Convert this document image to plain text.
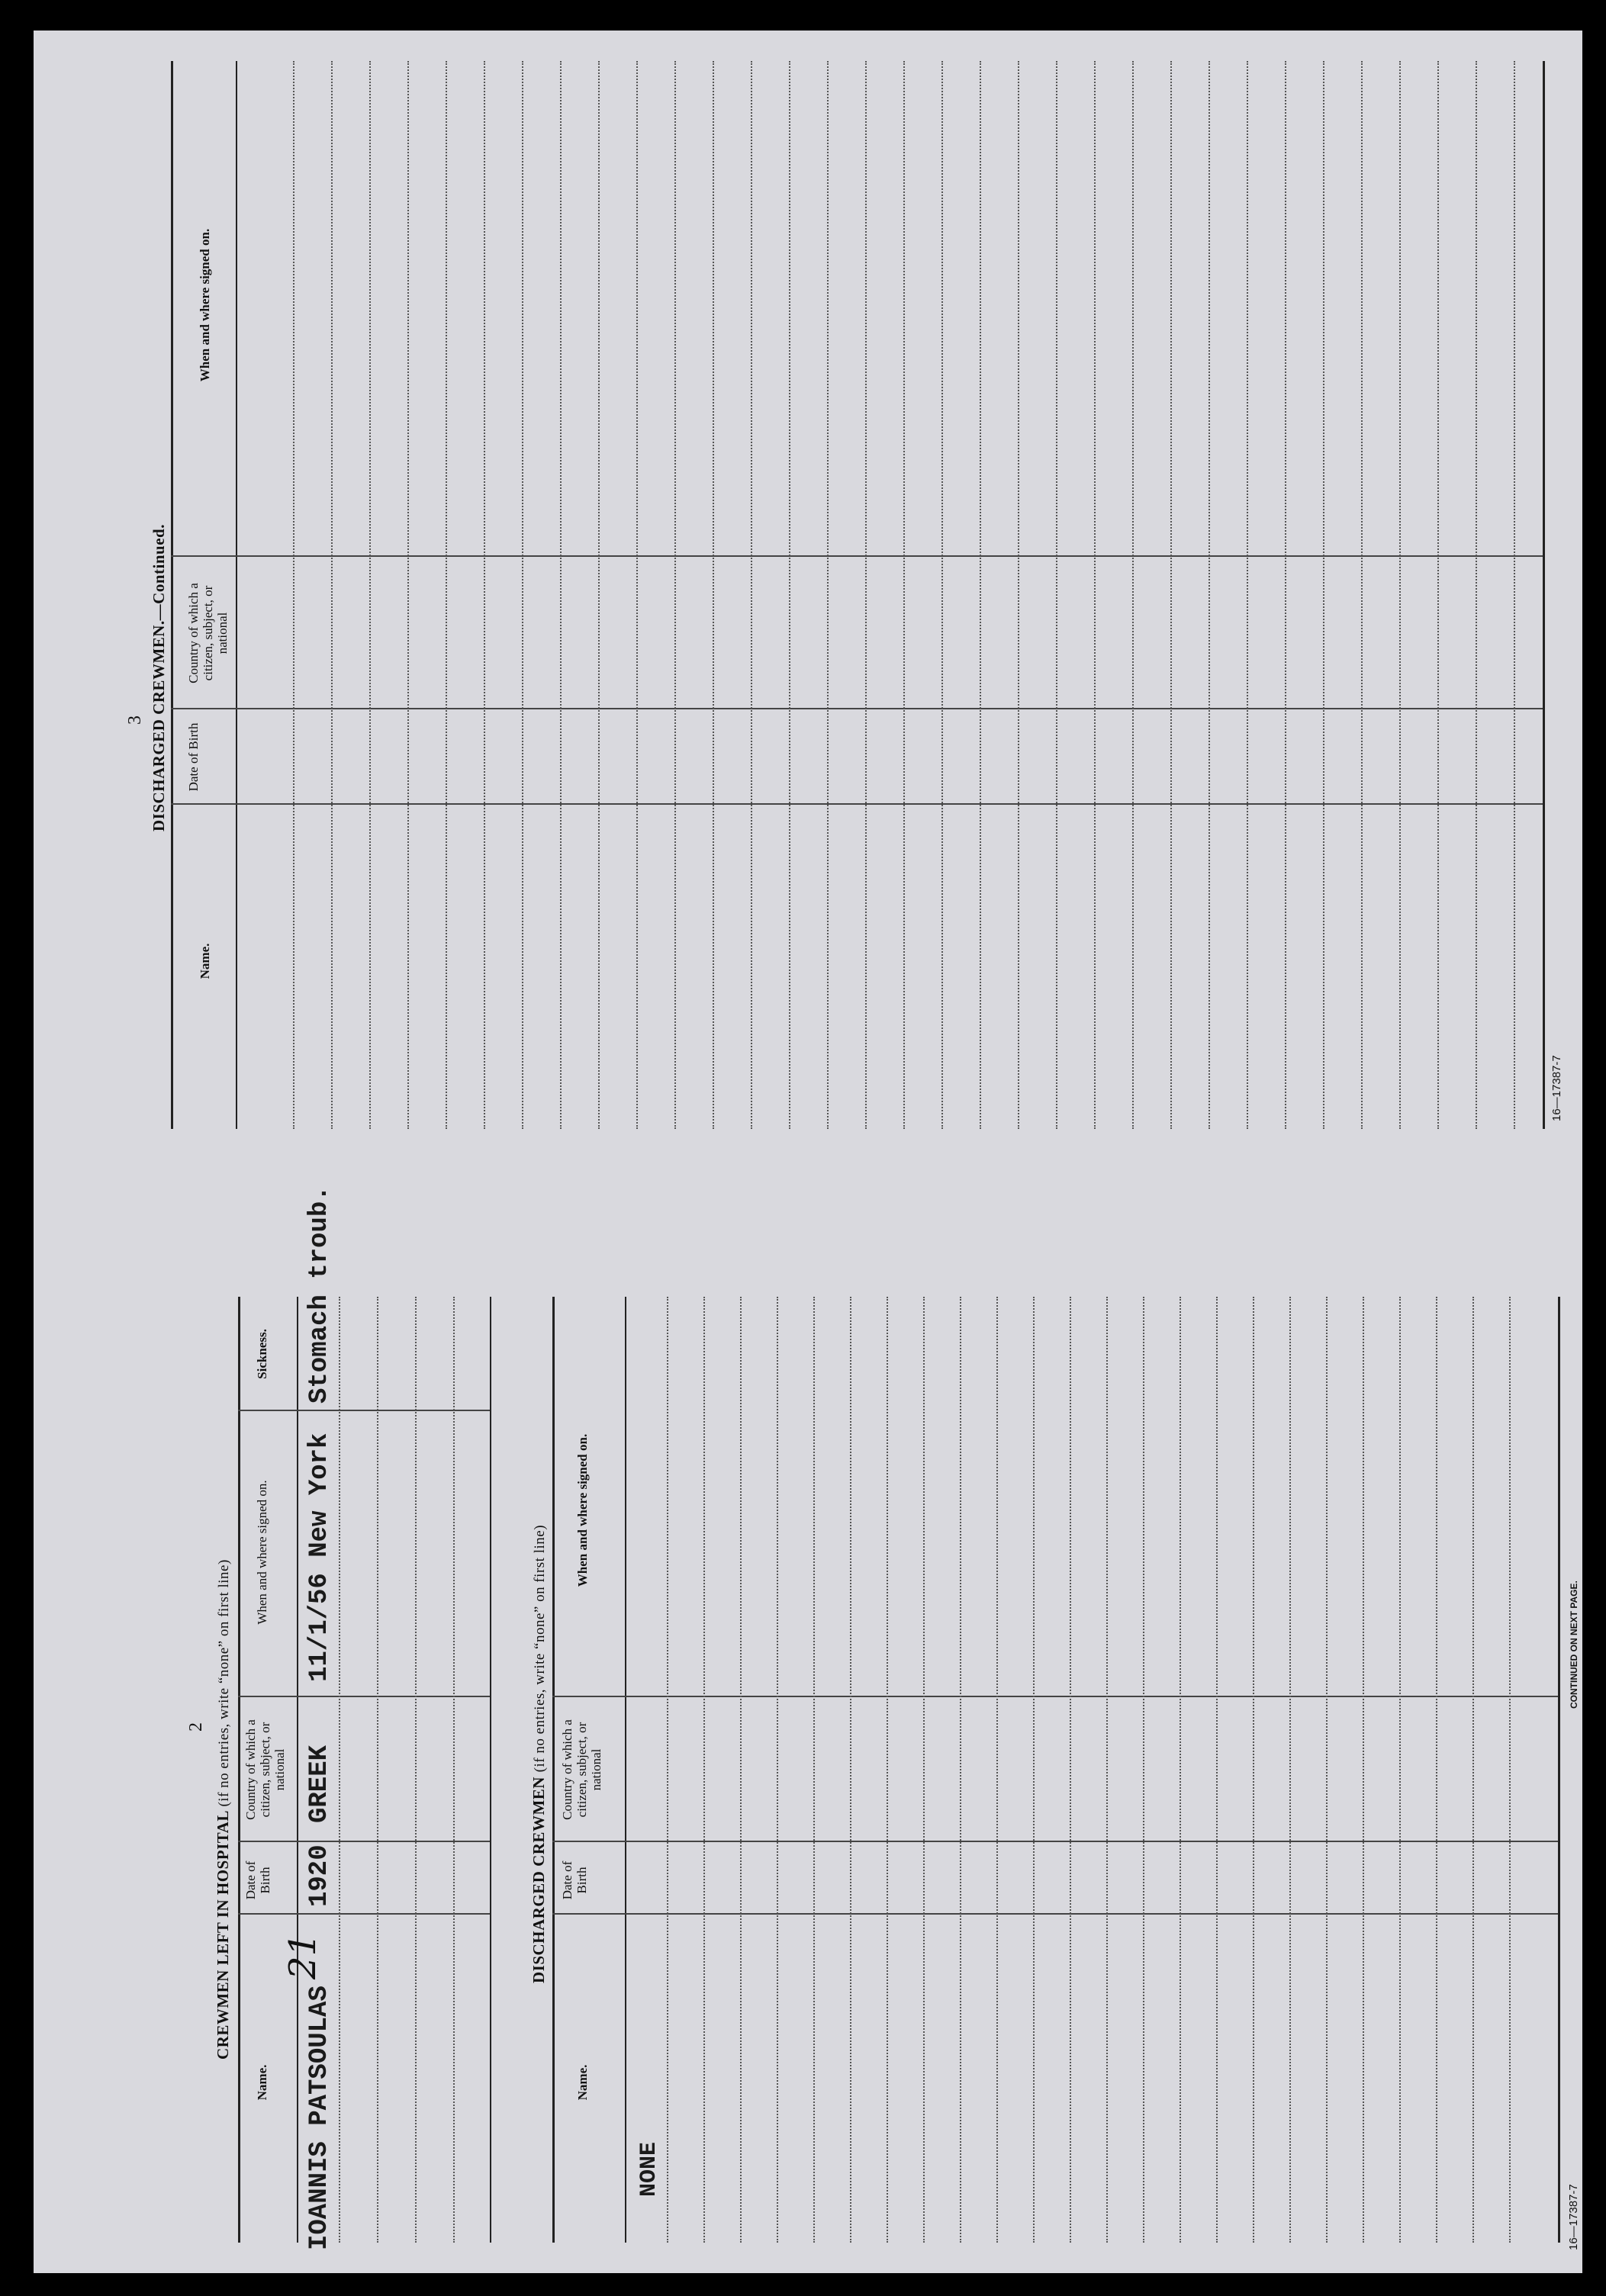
2
CREWMEN LEFT IN HOSPITAL (if no entries, write “none” on first line)
Name.
Date of Birth
Country of which a citizen, subject, or national
When and where signed on.
Sickness.
IOANNIS PATSOULAS
21
1920
GREEK
11/1/56 New York
Stomach troub.
DISCHARGED CREWMEN (if no entries, write “none” on first line)
Name.
Date of Birth
Country of which a citizen, subject, or national
When and where signed on.
NONE
16—17387-7
CONTINUED ON NEXT PAGE.
3 DISCHARGED CREWMEN.—Continued.
Name.
Date of Birth
Country of which a citizen, subject, or national
When and where signed on.
16—17387-7
